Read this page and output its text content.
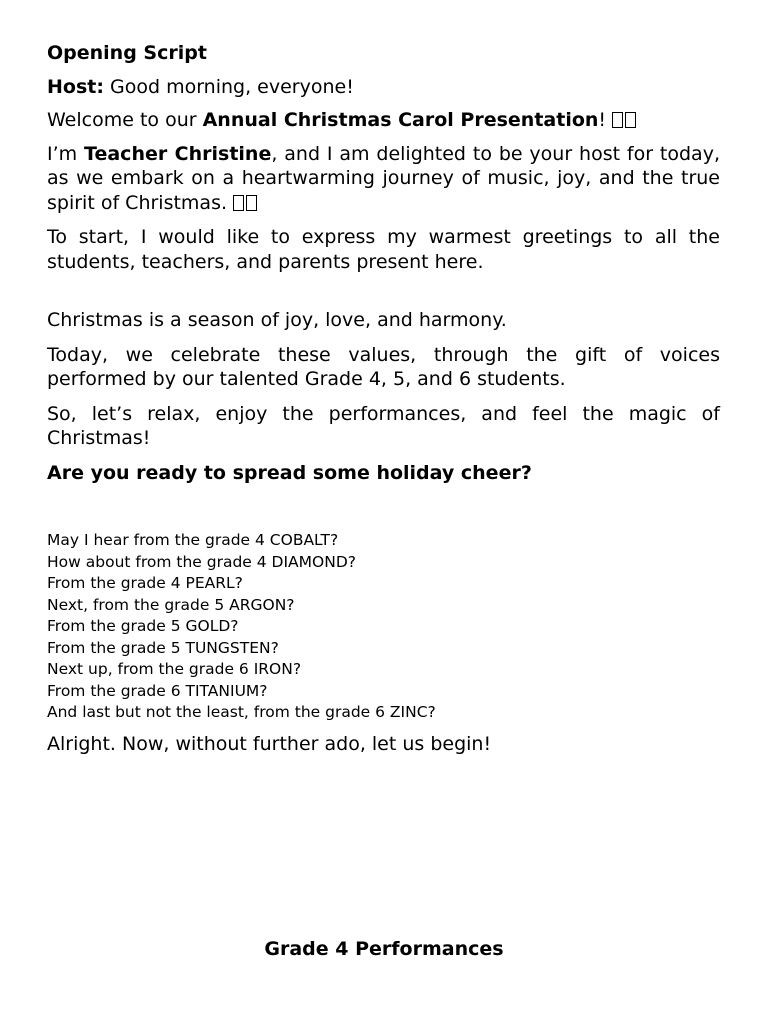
Opening Script

Host: Good morning, everyone!

Welcome to our Annual Christmas Carol Presentation!

I’m Teacher Christine, and I am delighted to be your host for today, as we embark on a heartwarming journey of music, joy, and the true spirit of Christmas.

To start, I would like to express my warmest greetings to all the students, teachers, and parents present here.

Christmas is a season of joy, love, and harmony.

Today, we celebrate these values, through the gift of voices performed by our talented Grade 4, 5, and 6 students.

So, let’s relax, enjoy the performances, and feel the magic of Christmas!

Are you ready to spread some holiday cheer?

May I hear from the grade 4 COBALT?

How about from the grade 4 DIAMOND?

From the grade 4 PEARL?

Next, from the grade 5 ARGON?

From the grade 5 GOLD?

From the grade 5 TUNGSTEN?

Next up, from the grade 6 IRON?

From the grade 6 TITANIUM?

And last but not the least, from the grade 6 ZINC?

Alright. Now, without further ado, let us begin!

Grade 4 Performances
